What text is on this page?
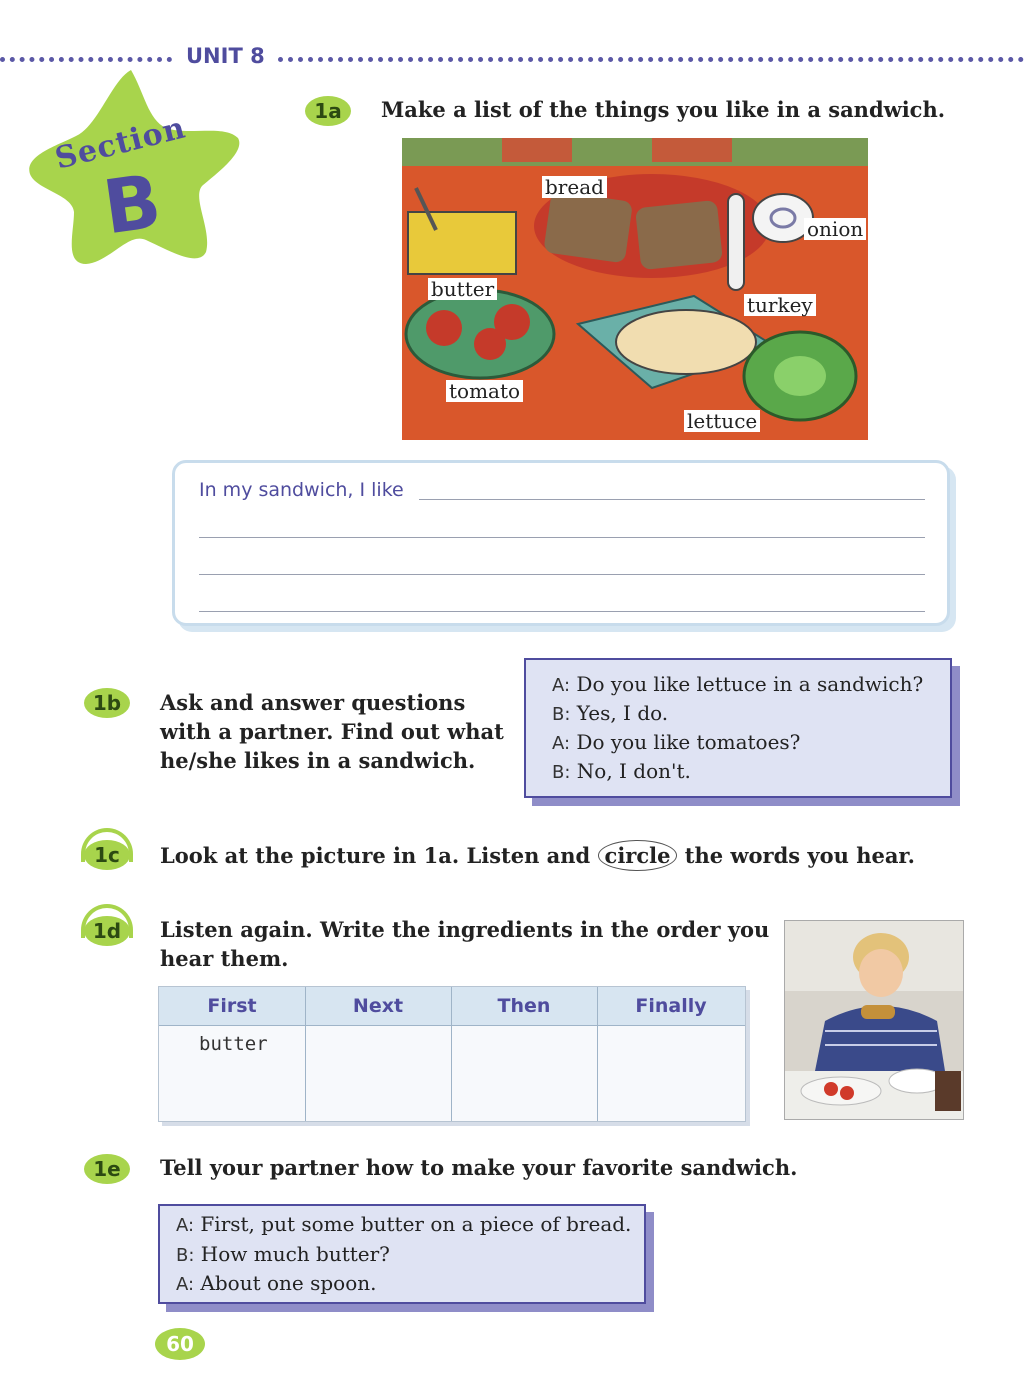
UNIT 8
Section
B
1a	Make a list of the things you like in a sandwich.
bread
onion
butter
turkey
tomato
lettuce
In my sandwich, I like
1b	Ask and answer questions
with a partner. Find out what
he/she likes in a sandwich.
A: Do you like lettuce in a sandwich?
B: Yes, I do.
A: Do you like tomatoes?
B: No, I don't.
1c	Look at the picture in 1a. Listen and circle the words you hear.
1d	Listen again. Write the ingredients in the order you
hear them.
First	Next	Then	Finally
butter
1e	Tell your partner how to make your favorite sandwich.
A: First, put some butter on a piece of bread.
B: How much butter?
A: About one spoon.
60
